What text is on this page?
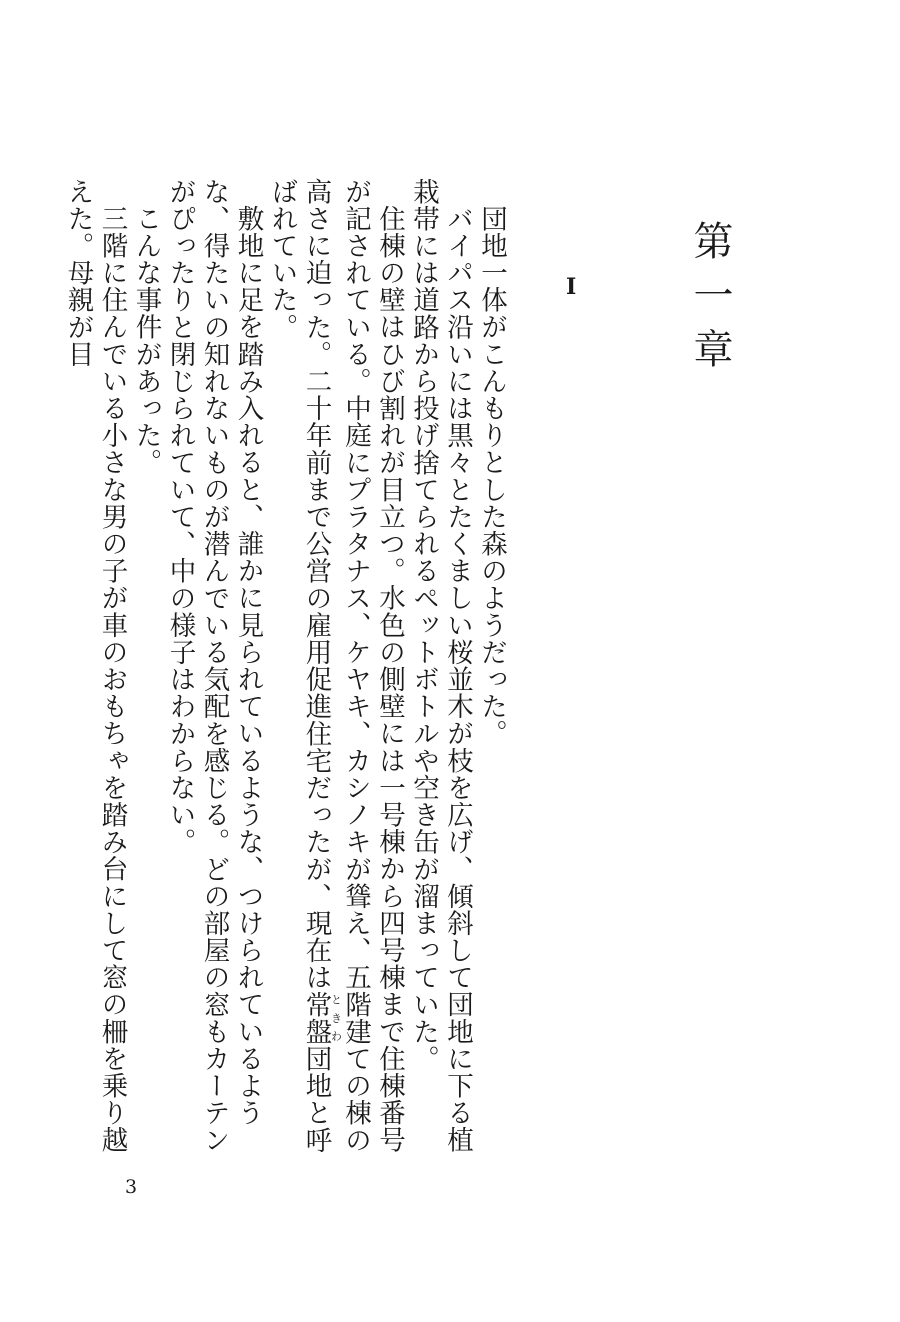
第一章
I

団地一体がこんもりとした森のようだった。

バイパス沿いには黒々とたくましい桜並木が枝を広げ、傾斜して団地に下る植栽帯には道路から投げ捨てられるペットボトルや空き缶が溜まっていた。

住棟の壁はひび割れが目立つ。水色の側壁には一号棟から四号棟まで住棟番号が記されている。中庭にプラタナス、ケヤキ、カシノキが聳え、五階建ての棟の高さに迫った。二十年前まで公営の雇用促進住宅だったが、現在は常盤ときわ団地と呼ばれていた。

敷地に足を踏み入れると、誰かに見られているような、つけられているような、得たいの知れないものが潜んでいる気配を感じる。どの部屋の窓もカーテンがぴったりと閉じられていて、中の様子はわからない。

こんな事件があった。

三階に住んでいる小さな男の子が車のおもちゃを踏み台にして窓の柵を乗り越えた。母親が目

3
